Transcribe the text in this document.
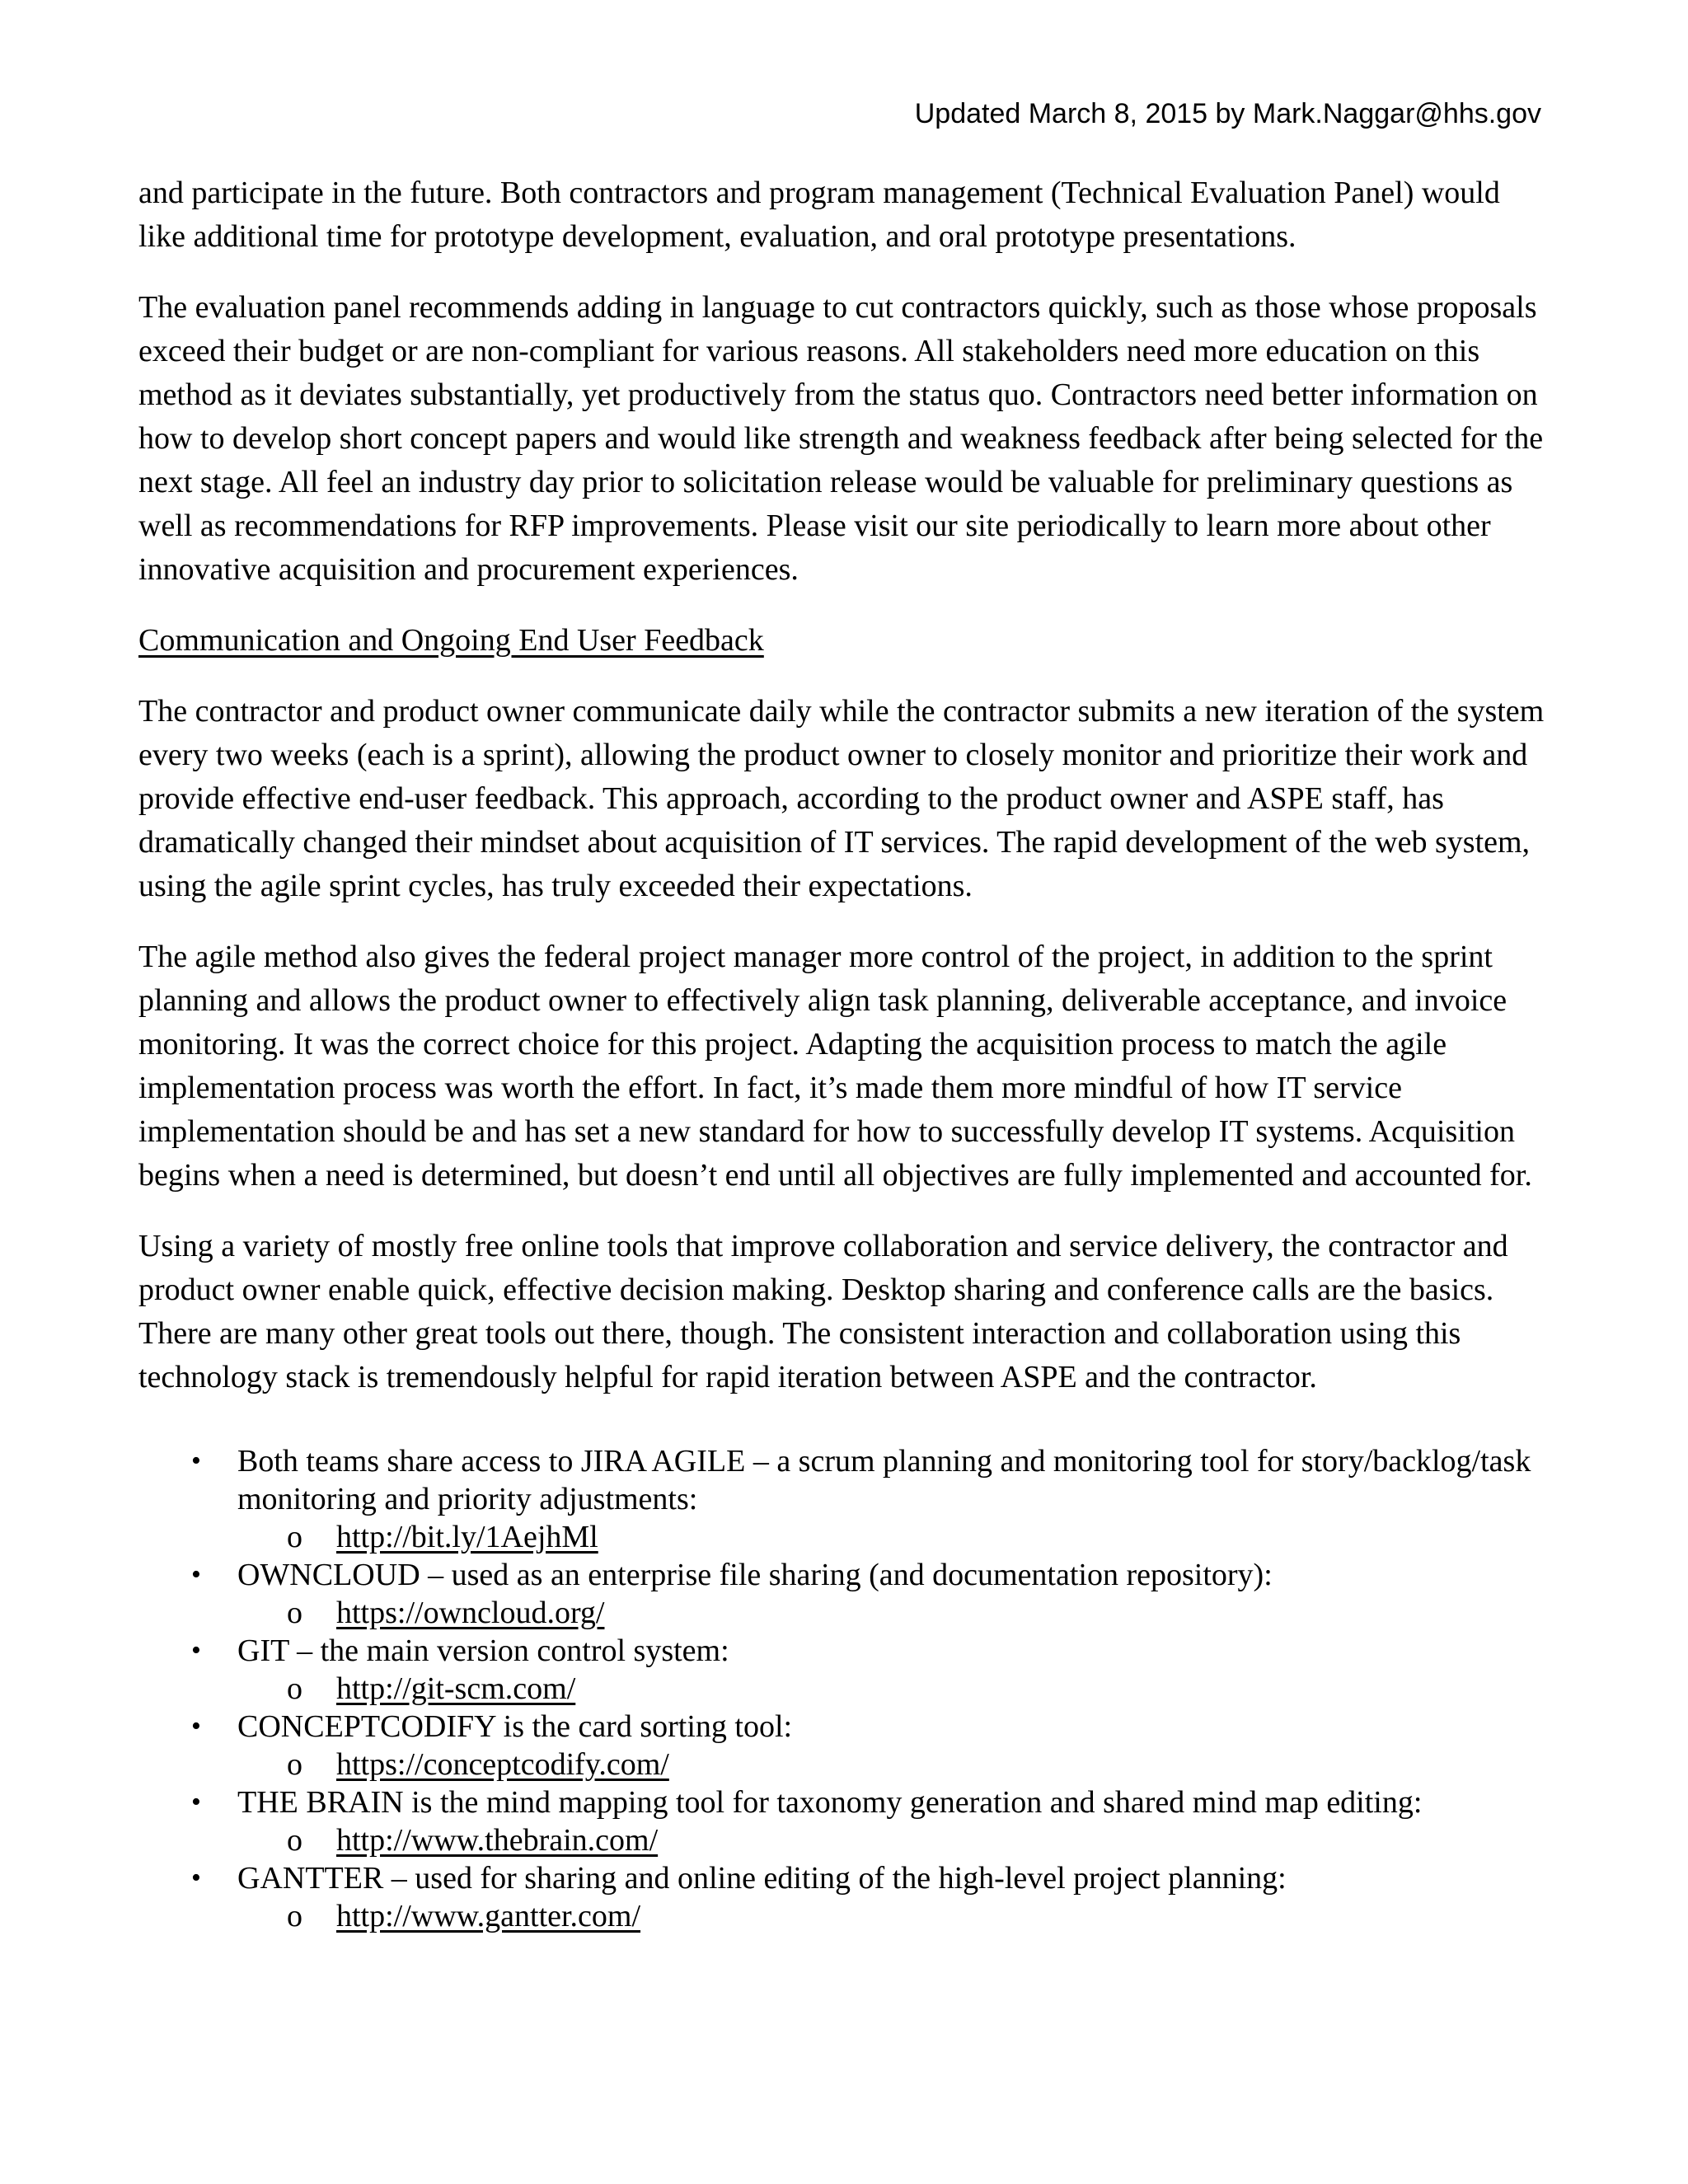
Updated March 8, 2015 by Mark.Naggar@hhs.gov

and participate in the future. Both contractors and program management (Technical Evaluation Panel) would like additional time for prototype development, evaluation, and oral prototype presentations.

The evaluation panel recommends adding in language to cut contractors quickly, such as those whose proposals exceed their budget or are non-compliant for various reasons. All stakeholders need more education on this method as it deviates substantially, yet productively from the status quo. Contractors need better information on how to develop short concept papers and would like strength and weakness feedback after being selected for the next stage. All feel an industry day prior to solicitation release would be valuable for preliminary questions as well as recommendations for RFP improvements. Please visit our site periodically to learn more about other innovative acquisition and procurement experiences.

Communication and Ongoing End User Feedback

The contractor and product owner communicate daily while the contractor submits a new iteration of the system every two weeks (each is a sprint), allowing the product owner to closely monitor and prioritize their work and provide effective end-user feedback. This approach, according to the product owner and ASPE staff, has dramatically changed their mindset about acquisition of IT services. The rapid development of the web system, using the agile sprint cycles, has truly exceeded their expectations.

The agile method also gives the federal project manager more control of the project, in addition to the sprint planning and allows the product owner to effectively align task planning, deliverable acceptance, and invoice monitoring. It was the correct choice for this project. Adapting the acquisition process to match the agile implementation process was worth the effort. In fact, it’s made them more mindful of how IT service implementation should be and has set a new standard for how to successfully develop IT systems. Acquisition begins when a need is determined, but doesn’t end until all objectives are fully implemented and accounted for.

Using a variety of mostly free online tools that improve collaboration and service delivery, the contractor and product owner enable quick, effective decision making. Desktop sharing and conference calls are the basics. There are many other great tools out there, though. The consistent interaction and collaboration using this technology stack is tremendously helpful for rapid iteration between ASPE and the contractor.

• Both teams share access to JIRA AGILE – a scrum planning and monitoring tool for story/backlog/task monitoring and priority adjustments:
o http://bit.ly/1AejhMl
• OWNCLOUD – used as an enterprise file sharing (and documentation repository):
o https://owncloud.org/
• GIT – the main version control system:
o http://git-scm.com/
• CONCEPTCODIFY is the card sorting tool:
o https://conceptcodify.com/
• THE BRAIN is the mind mapping tool for taxonomy generation and shared mind map editing:
o http://www.thebrain.com/
• GANTTER – used for sharing and online editing of the high-level project planning:
o http://www.gantter.com/
